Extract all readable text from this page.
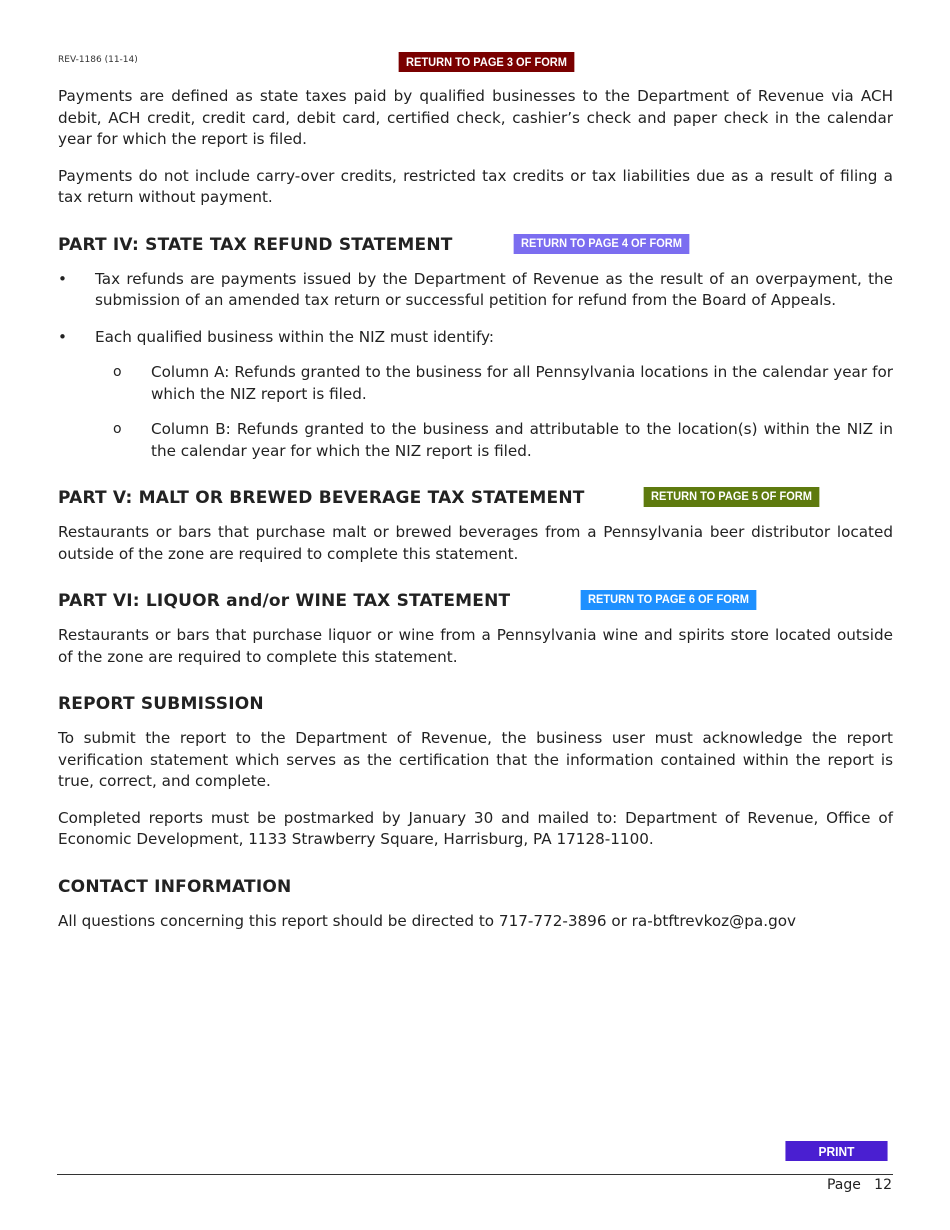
REV-1186 (11-14)	RETURN TO PAGE 3 OF FORM

Payments are defined as state taxes paid by qualified businesses to the Department of Revenue via ACH debit, ACH credit, credit card, debit card, certified check, cashier’s check and paper check in the calendar year for which the report is filed.

Payments do not include carry-over credits, restricted tax credits or tax liabilities due as a result of filing a tax return without payment.

PART IV: STATE TAX REFUND STATEMENT	RETURN TO PAGE 4 OF FORM
• Tax refunds are payments issued by the Department of Revenue as the result of an overpayment, the submission of an amended tax return or successful petition for refund from the Board of Appeals.
• Each qualified business within the NIZ must identify:
o Column A: Refunds granted to the business for all Pennsylvania locations in the calendar year for which the NIZ report is filed.
o Column B: Refunds granted to the business and attributable to the location(s) within the NIZ in the calendar year for which the NIZ report is filed.
PART V: MALT OR BREWED BEVERAGE TAX STATEMENT	RETURN TO PAGE 5 OF FORM

Restaurants or bars that purchase malt or brewed beverages from a Pennsylvania beer distributor located outside of the zone are required to complete this statement.

PART VI: LIQUOR and/or WINE TAX STATEMENT	RETURN TO PAGE 6 OF FORM

Restaurants or bars that purchase liquor or wine from a Pennsylvania wine and spirits store located outside of the zone are required to complete this statement.

REPORT SUBMISSION

To submit the report to the Department of Revenue, the business user must acknowledge the report verification statement which serves as the certification that the information contained within the report is true, correct, and complete.

Completed reports must be postmarked by January 30 and mailed to: Department of Revenue, Office of Economic Development, 1133 Strawberry Square, Harrisburg, PA 17128-1100.

CONTACT INFORMATION

All questions concerning this report should be directed to 717-772-3896 or ra-btftrevkoz@pa.gov

PRINT
Page   12
